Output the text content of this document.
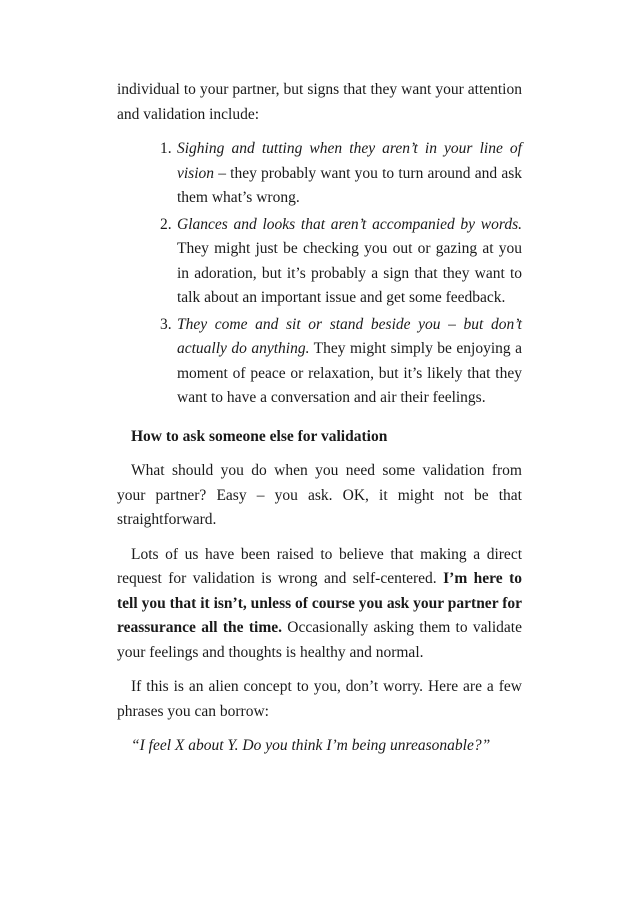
individual to your partner, but signs that they want your attention and validation include:

1. Sighing and tutting when they aren’t in your line of vision – they probably want you to turn around and ask them what’s wrong.
2. Glances and looks that aren’t accompanied by words. They might just be checking you out or gazing at you in adoration, but it’s probably a sign that they want to talk about an important issue and get some feedback.
3. They come and sit or stand beside you – but don’t actually do anything. They might simply be enjoying a moment of peace or relaxation, but it’s likely that they want to have a conversation and air their feelings.
How to ask someone else for validation

What should you do when you need some validation from your partner? Easy – you ask. OK, it might not be that straightforward.

Lots of us have been raised to believe that making a direct request for validation is wrong and self-centered. I’m here to tell you that it isn’t, unless of course you ask your partner for reassurance all the time. Occasionally asking them to validate your feelings and thoughts is healthy and normal.

If this is an alien concept to you, don’t worry. Here are a few phrases you can borrow:

“I feel X about Y. Do you think I’m being unreasonable?”
